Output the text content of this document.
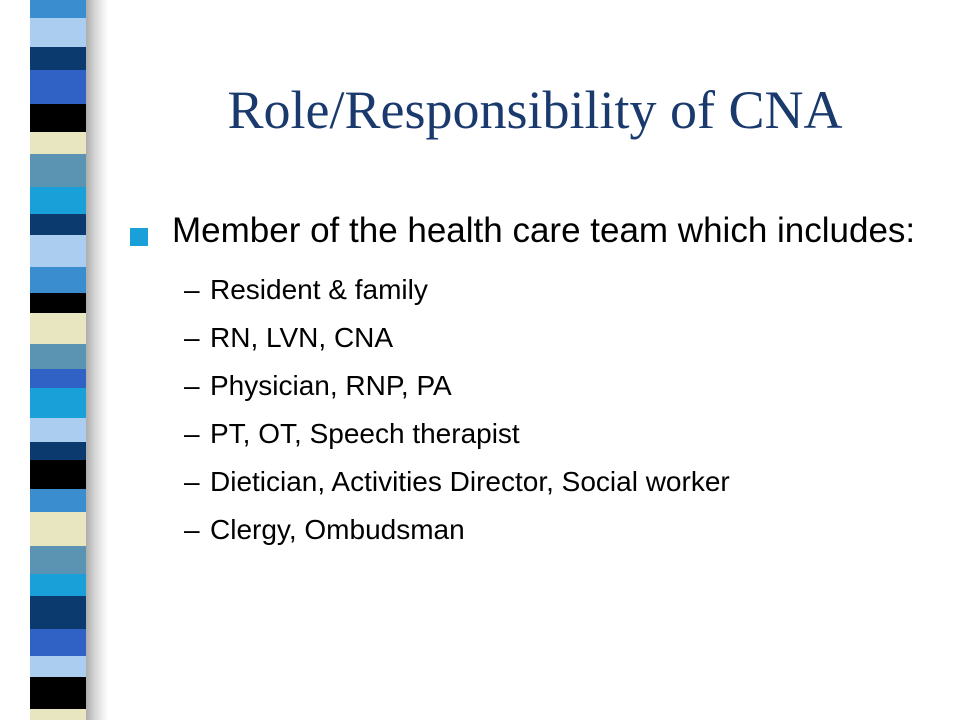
Role/Responsibility of CNA
Member of the health care team which includes:
– Resident & family
– RN, LVN, CNA
– Physician, RNP, PA
– PT, OT, Speech therapist
– Dietician, Activities Director, Social worker
– Clergy, Ombudsman
